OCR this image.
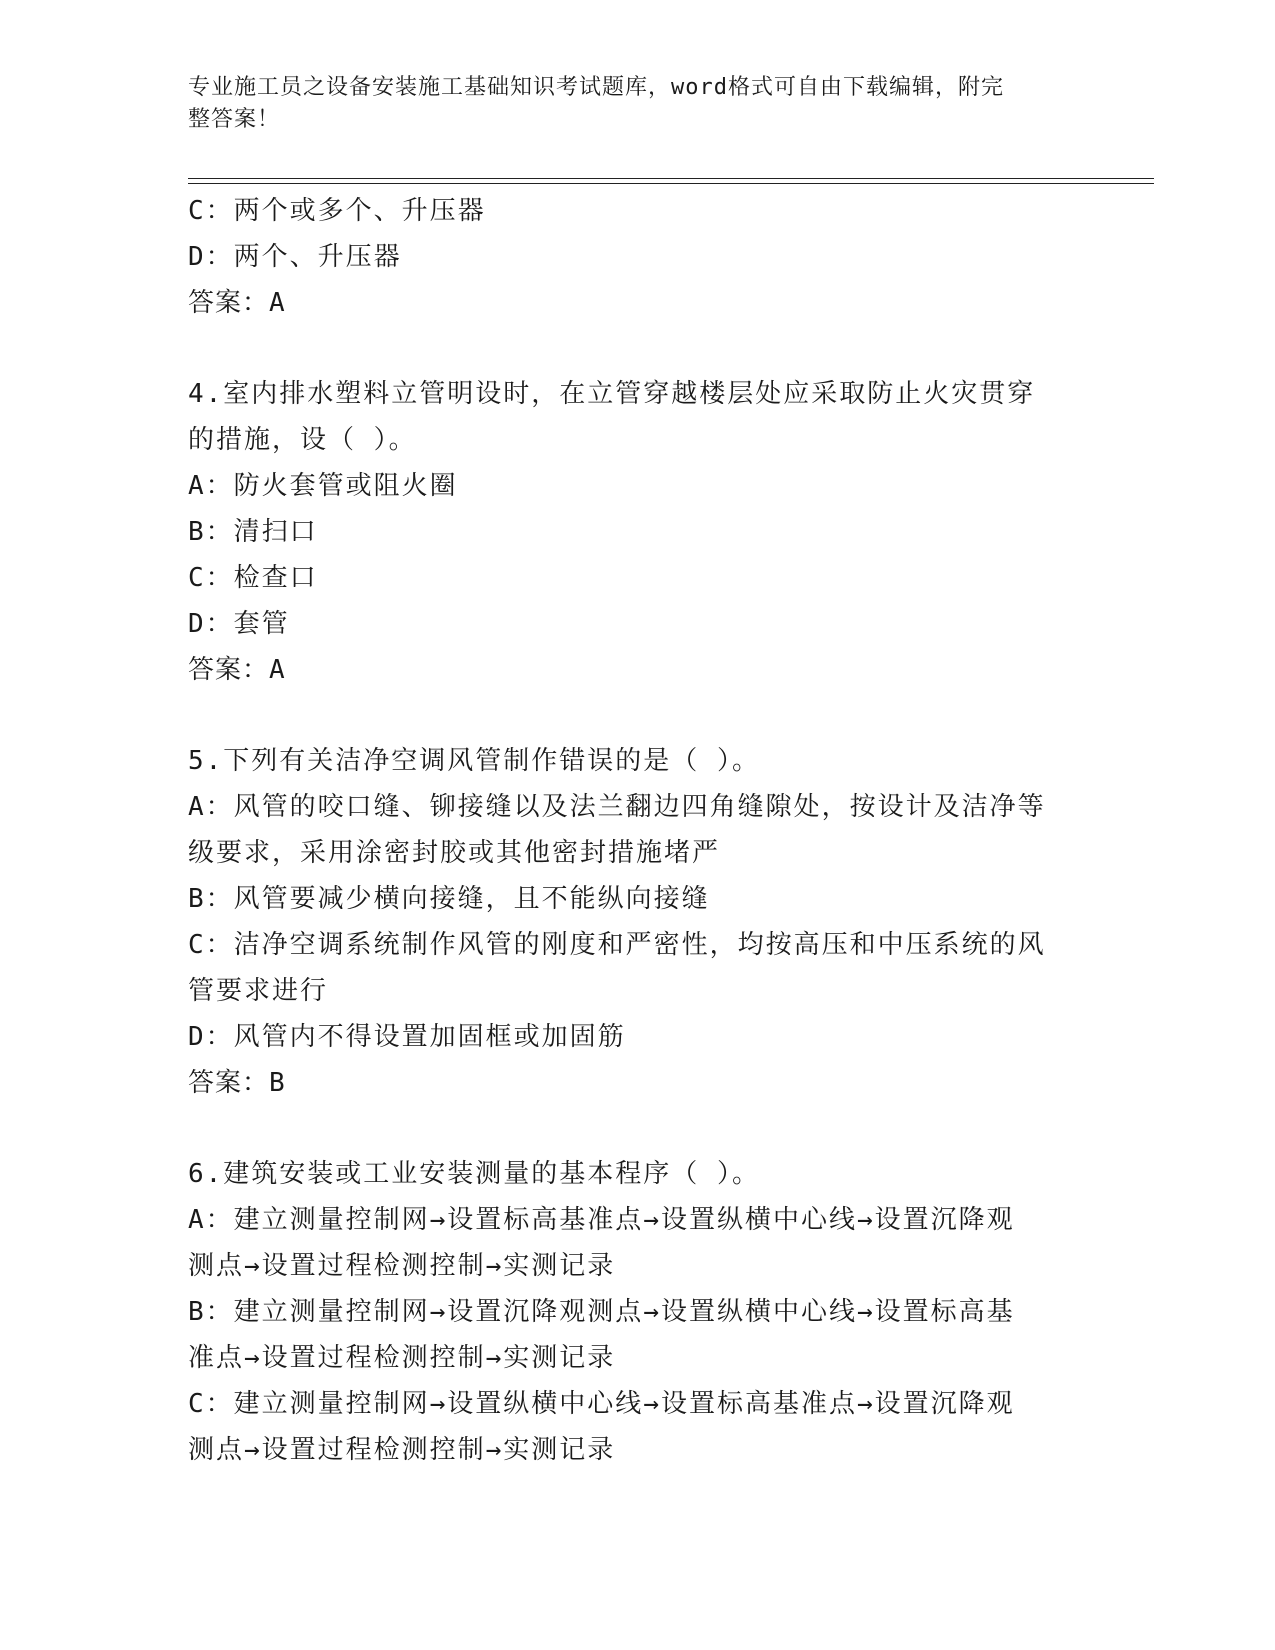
专业施工员之设备安装施工基础知识考试题库，word格式可自由下载编辑，附完
整答案！
C：两个或多个、升压器
D：两个、升压器
答案：A
4.室内排水塑料立管明设时，在立管穿越楼层处应采取防止火灾贯穿
的措施，设（ ）。
A：防火套管或阻火圈
B：清扫口
C：检查口
D：套管
答案：A
5.下列有关洁净空调风管制作错误的是（ ）。
A：风管的咬口缝、铆接缝以及法兰翻边四角缝隙处，按设计及洁净等
级要求，采用涂密封胶或其他密封措施堵严
B：风管要减少横向接缝，且不能纵向接缝
C：洁净空调系统制作风管的刚度和严密性，均按高压和中压系统的风
管要求进行
D：风管内不得设置加固框或加固筋
答案：B
6.建筑安装或工业安装测量的基本程序（ ）。
A：建立测量控制网→设置标高基准点→设置纵横中心线→设置沉降观
测点→设置过程检测控制→实测记录
B：建立测量控制网→设置沉降观测点→设置纵横中心线→设置标高基
准点→设置过程检测控制→实测记录
C：建立测量控制网→设置纵横中心线→设置标高基准点→设置沉降观
测点→设置过程检测控制→实测记录
